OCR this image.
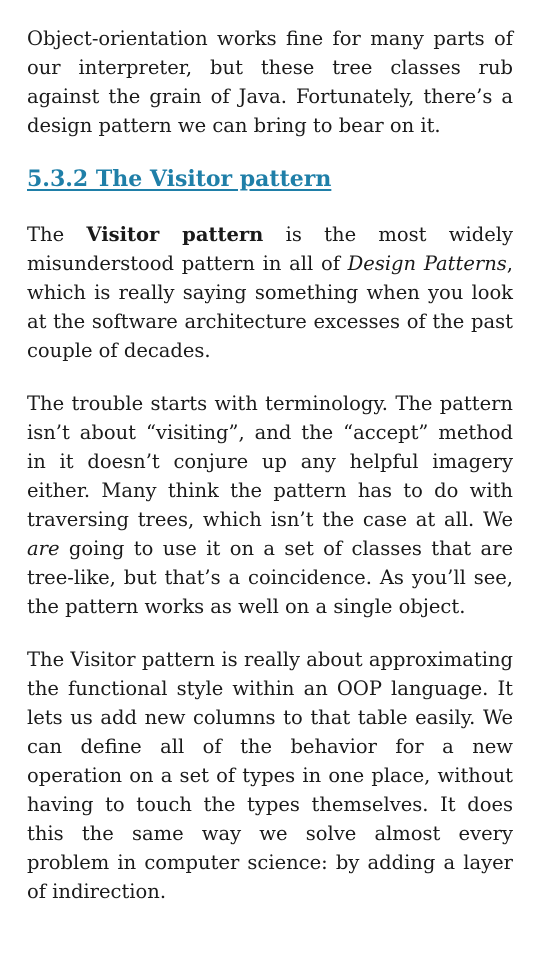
Object-orientation works fine for many parts of our interpreter, but these tree classes rub against the grain of Java. Fortunately, there’s a design pattern we can bring to bear on it.

5.3.2 The Visitor pattern

The Visitor pattern is the most widely misunderstood pattern in all of Design Patterns, which is really saying something when you look at the software architecture excesses of the past couple of decades.

The trouble starts with terminology. The pattern isn’t about “visiting”, and the “accept” method in it doesn’t conjure up any helpful imagery either. Many think the pattern has to do with traversing trees, which isn’t the case at all. We are going to use it on a set of classes that are tree-like, but that’s a coincidence. As you’ll see, the pattern works as well on a single object.

The Visitor pattern is really about approximating the functional style within an OOP language. It lets us add new columns to that table easily. We can define all of the behavior for a new operation on a set of types in one place, without having to touch the types themselves. It does this the same way we solve almost every problem in computer science: by adding a layer of indirection.
